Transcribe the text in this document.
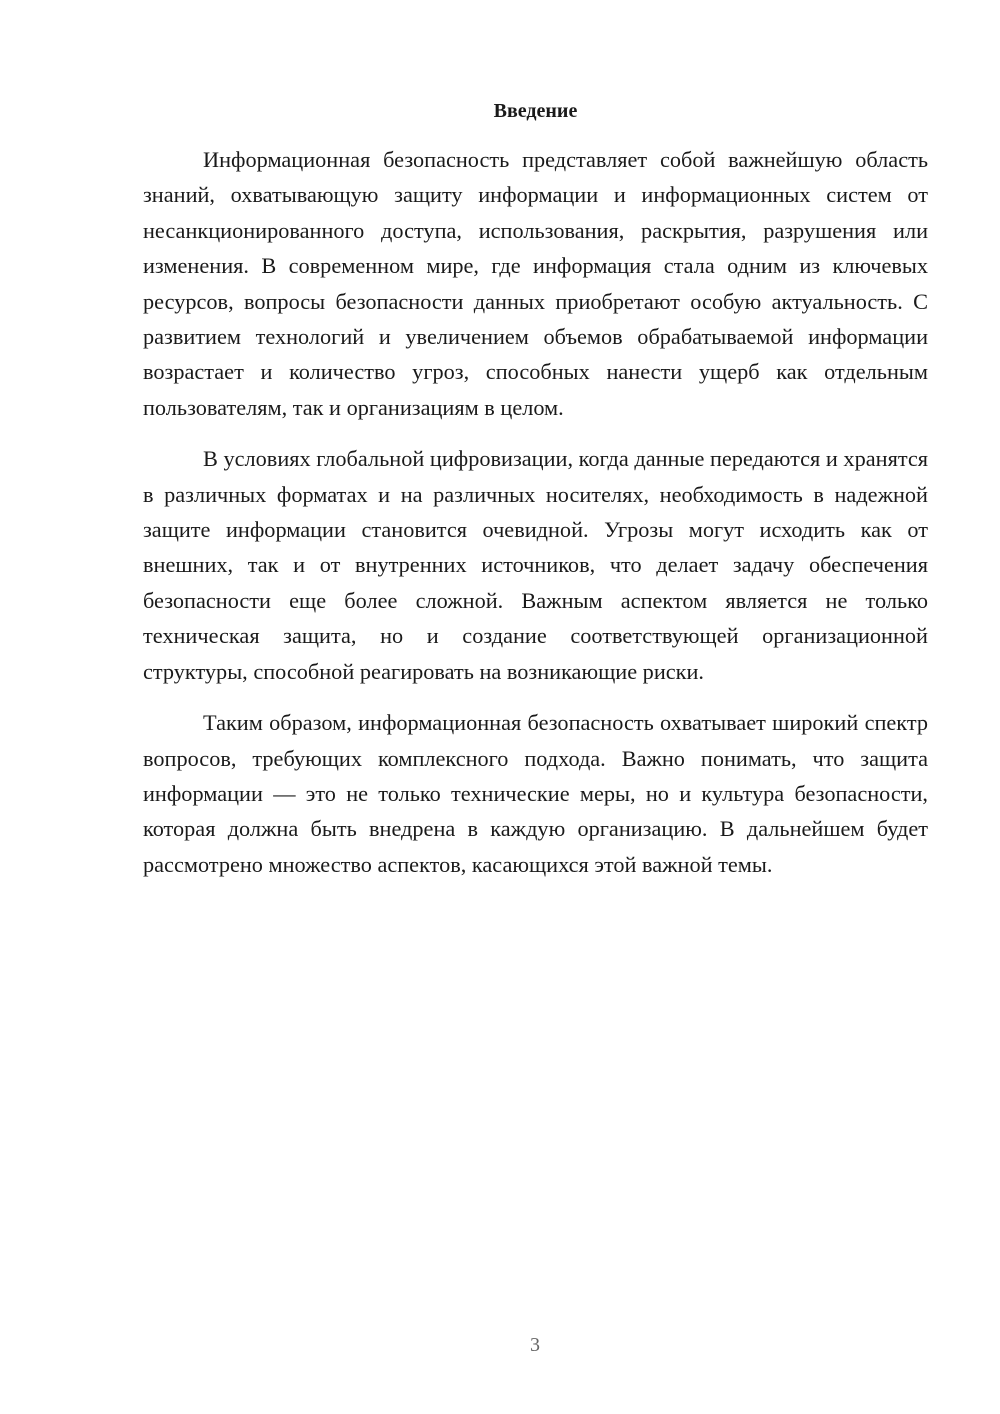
Введение

Информационная безопасность представляет собой важнейшую область знаний, охватывающую защиту информации и информационных систем от несанкционированного доступа, использования, раскрытия, разрушения или изменения. В современном мире, где информация стала одним из ключевых ресурсов, вопросы безопасности данных приобретают особую актуальность. С развитием технологий и увеличением объемов обрабатываемой информации возрастает и количество угроз, способных нанести ущерб как отдельным пользователям, так и организациям в целом.

В условиях глобальной цифровизации, когда данные передаются и хранятся в различных форматах и на различных носителях, необходимость в надежной защите информации становится очевидной. Угрозы могут исходить как от внешних, так и от внутренних источников, что делает задачу обеспечения безопасности еще более сложной. Важным аспектом является не только техническая защита, но и создание соответствующей организационной структуры, способной реагировать на возникающие риски.

Таким образом, информационная безопасность охватывает широкий спектр вопросов, требующих комплексного подхода. Важно понимать, что защита информации — это не только технические меры, но и культура безопасности, которая должна быть внедрена в каждую организацию. В дальнейшем будет рассмотрено множество аспектов, касающихся этой важной темы.

3
